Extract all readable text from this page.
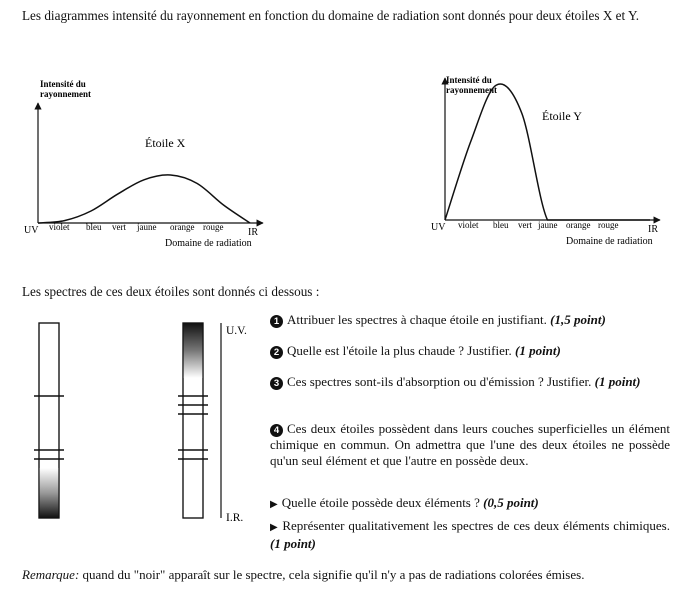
Les diagrammes intensité du rayonnement en fonction du domaine de radiation sont donnés pour deux étoiles X et Y.
Intensité du
rayonnement
Étoile X
UV	IR
violet bleu vert jaune orange rouge
Domaine de radiation
Intensité du
rayonnement
Étoile Y
UV	IR
violet bleu vert jaune orange rouge
Domaine de radiation
Les spectres de ces deux étoiles sont donnés ci dessous :
U.V.
I.R.
1 Attribuer les spectres à chaque étoile en justifiant. (1,5 point)
2 Quelle est l'étoile la plus chaude ? Justifier. (1 point)
3 Ces spectres sont-ils d'absorption ou d'émission ? Justifier. (1 point)
4 Ces deux étoiles possèdent dans leurs couches superficielles un élément chimique en commun. On admettra que l'une des deux étoiles ne possède qu'un seul élément et que l'autre en possède deux.
▶ Quelle étoile possède deux éléments ? (0,5 point)
▶ Représenter qualitativement les spectres de ces deux éléments chimiques. (1 point)
Remarque: quand du "noir" apparaît sur le spectre, cela signifie qu'il n'y a pas de radiations colorées émises.
